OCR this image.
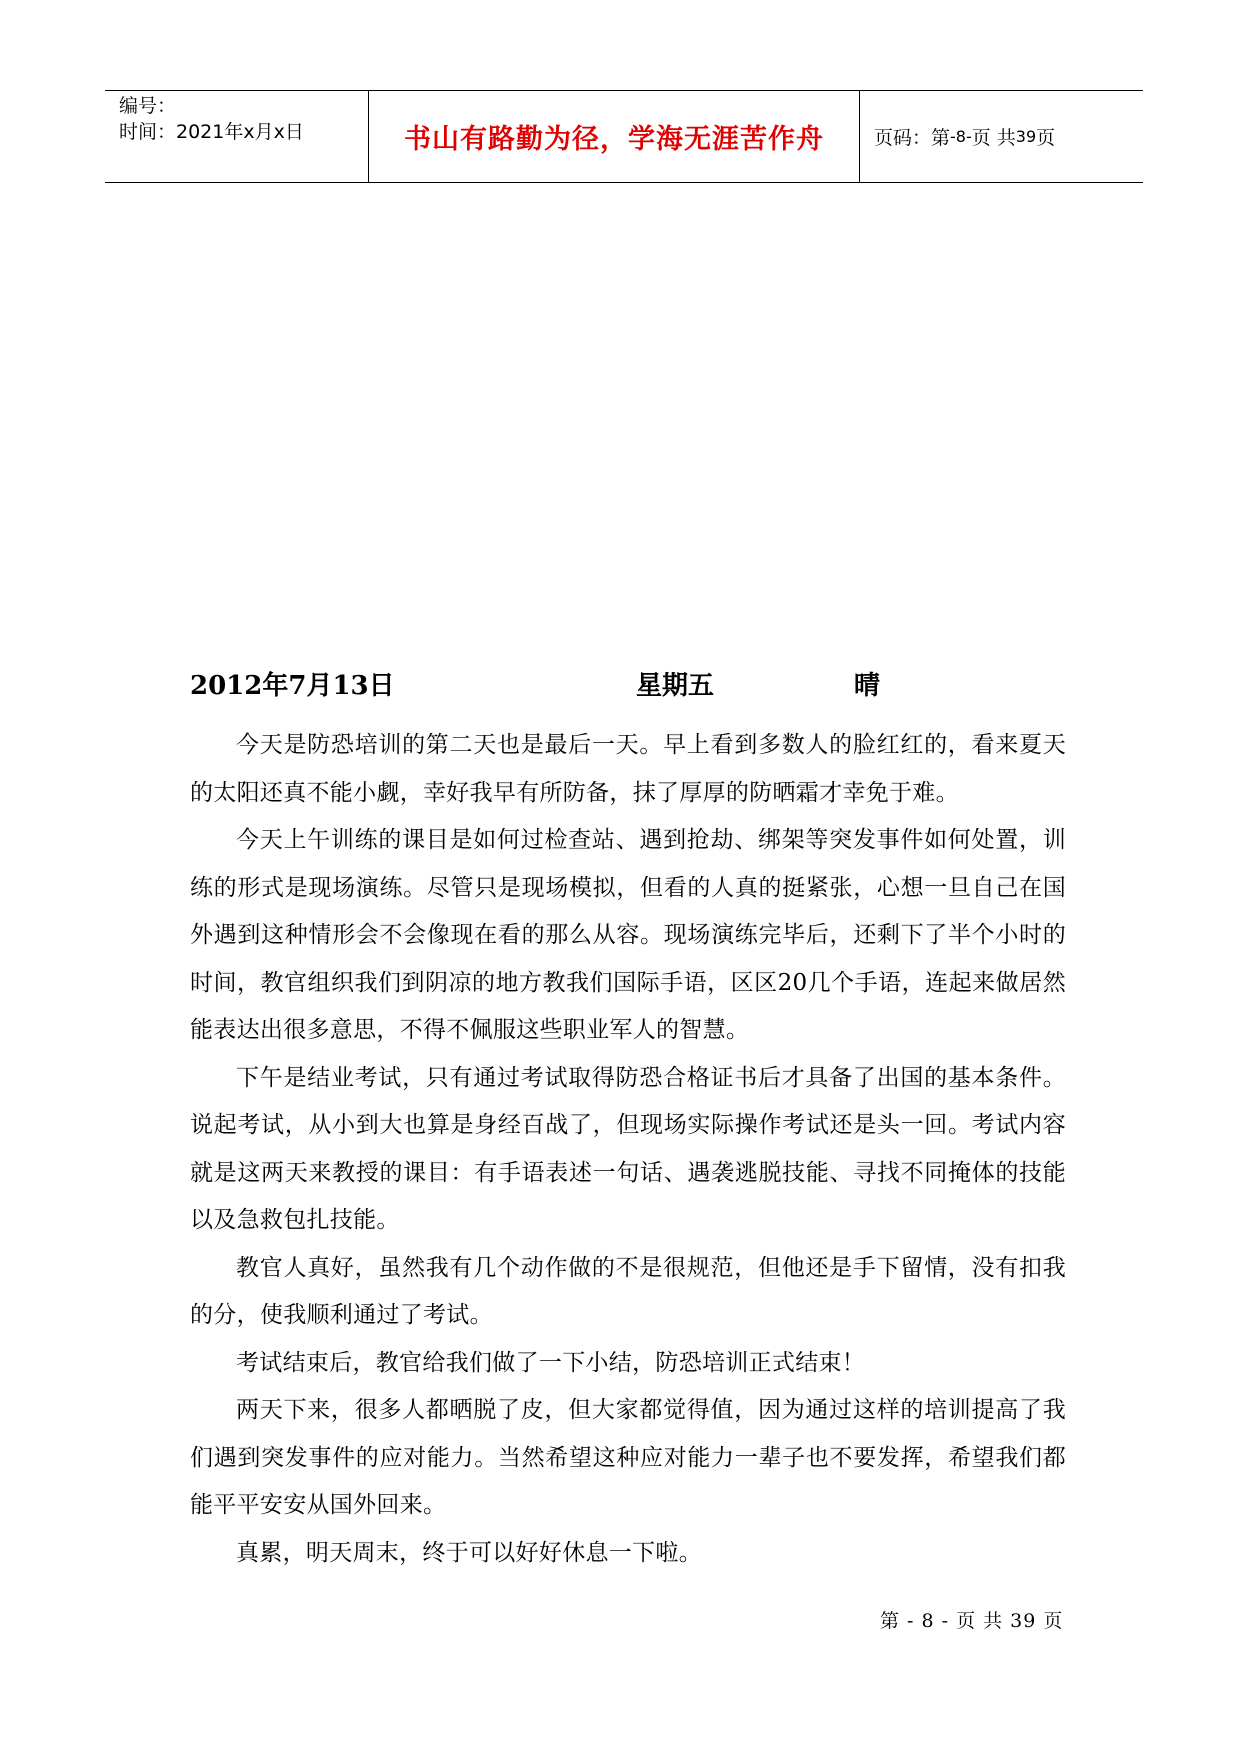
编号：
时间：2021年x月x日	书山有路勤为径，学海无涯苦作舟	页码：第 -8- 页 共 39 页
2012年7月13日	星期五	晴

今天是防恐培训的第二天也是最后一天。早上看到多数人的脸红红的，看来夏天的太阳还真不能小觑，幸好我早有所防备，抹了厚厚的防晒霜才幸免于难。

今天上午训练的课目是如何过检查站、遇到抢劫、绑架等突发事件如何处置，训练的形式是现场演练。尽管只是现场模拟，但看的人真的挺紧张，心想一旦自己在国外遇到这种情形会不会像现在看的那么从容。现场演练完毕后，还剩下了半个小时的时间，教官组织我们到阴凉的地方教我们国际手语，区区20几个手语，连起来做居然能表达出很多意思，不得不佩服这些职业军人的智慧。

下午是结业考试，只有通过考试取得防恐合格证书后才具备了出国的基本条件。说起考试，从小到大也算是身经百战了，但现场实际操作考试还是头一回。考试内容就是这两天来教授的课目：有手语表述一句话、遇袭逃脱技能、寻找不同掩体的技能以及急救包扎技能。

教官人真好，虽然我有几个动作做的不是很规范，但他还是手下留情，没有扣我的分，使我顺利通过了考试。

考试结束后，教官给我们做了一下小结，防恐培训正式结束！

两天下来，很多人都晒脱了皮，但大家都觉得值，因为通过这样的培训提高了我们遇到突发事件的应对能力。当然希望这种应对能力一辈子也不要发挥，希望我们都能平平安安从国外回来。

真累，明天周末，终于可以好好休息一下啦。

第 - 8 - 页 共 39 页
